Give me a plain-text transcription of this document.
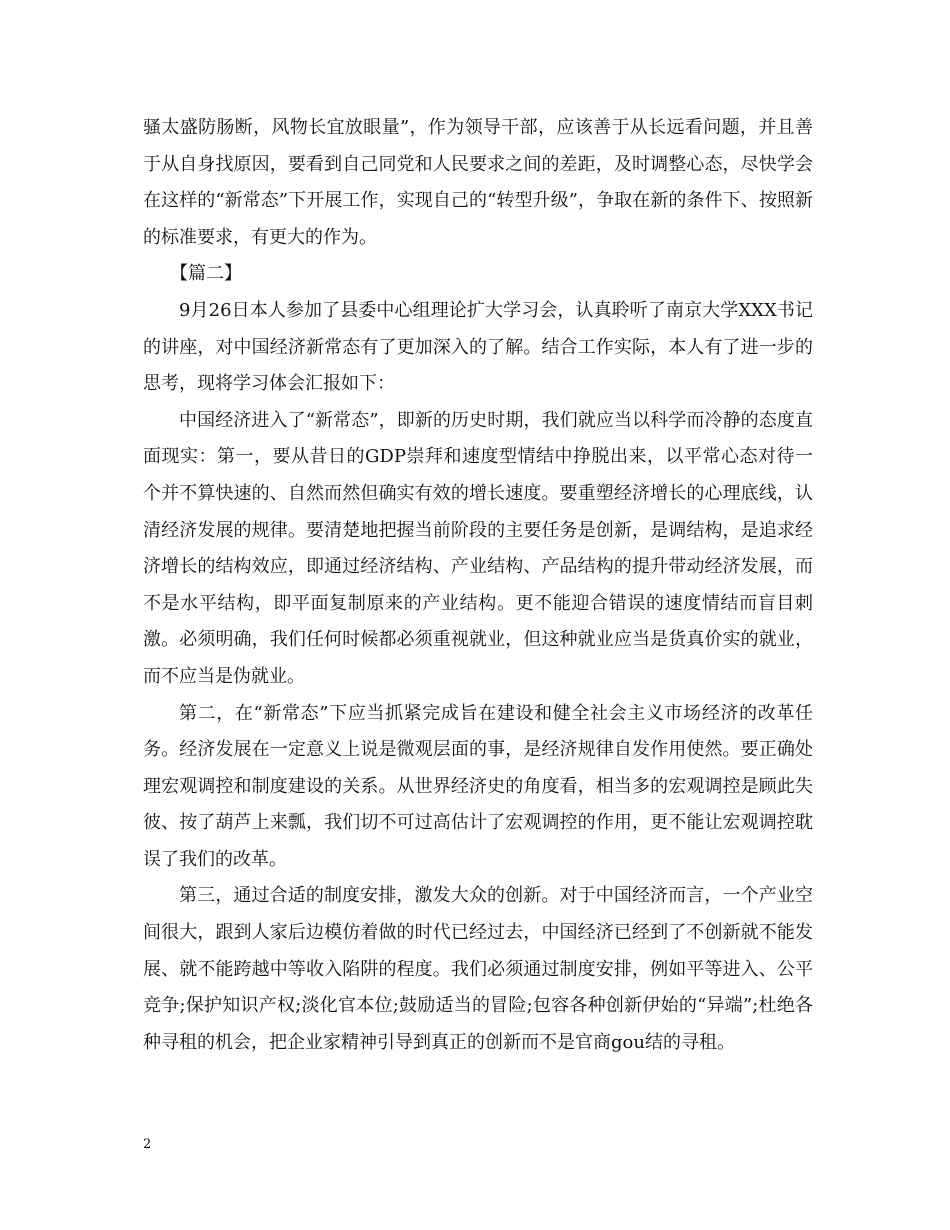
骚太盛防肠断，风物长宜放眼量”，作为领导干部，应该善于从长远看问题，并且善于从自身找原因，要看到自己同党和人民要求之间的差距，及时调整心态，尽快学会在这样的“新常态”下开展工作，实现自己的“转型升级”，争取在新的条件下、按照新的标准要求，有更大的作为。

【篇二】

9月26日本人参加了县委中心组理论扩大学习会，认真聆听了南京大学XXX书记的讲座，对中国经济新常态有了更加深入的了解。结合工作实际，本人有了进一步的思考，现将学习体会汇报如下：

中国经济进入了“新常态”，即新的历史时期，我们就应当以科学而冷静的态度直面现实：第一，要从昔日的GDP崇拜和速度型情结中挣脱出来，以平常心态对待一个并不算快速的、自然而然但确实有效的增长速度。要重塑经济增长的心理底线，认清经济发展的规律。要清楚地把握当前阶段的主要任务是创新，是调结构，是追求经济增长的结构效应，即通过经济结构、产业结构、产品结构的提升带动经济发展，而不是水平结构，即平面复制原来的产业结构。更不能迎合错误的速度情结而盲目刺激。必须明确，我们任何时候都必须重视就业，但这种就业应当是货真价实的就业，而不应当是伪就业。

第二，在“新常态”下应当抓紧完成旨在建设和健全社会主义市场经济的改革任务。经济发展在一定意义上说是微观层面的事，是经济规律自发作用使然。要正确处理宏观调控和制度建设的关系。从世界经济史的角度看，相当多的宏观调控是顾此失彼、按了葫芦上来瓢，我们切不可过高估计了宏观调控的作用，更不能让宏观调控耽误了我们的改革。

第三，通过合适的制度安排，激发大众的创新。对于中国经济而言，一个产业空间很大，跟到人家后边模仿着做的时代已经过去，中国经济已经到了不创新就不能发展、就不能跨越中等收入陷阱的程度。我们必须通过制度安排，例如平等进入、公平竞争;保护知识产权;淡化官本位;鼓励适当的冒险;包容各种创新伊始的“异端”;杜绝各种寻租的机会，把企业家精神引导到真正的创新而不是官商gou结的寻租。

2
